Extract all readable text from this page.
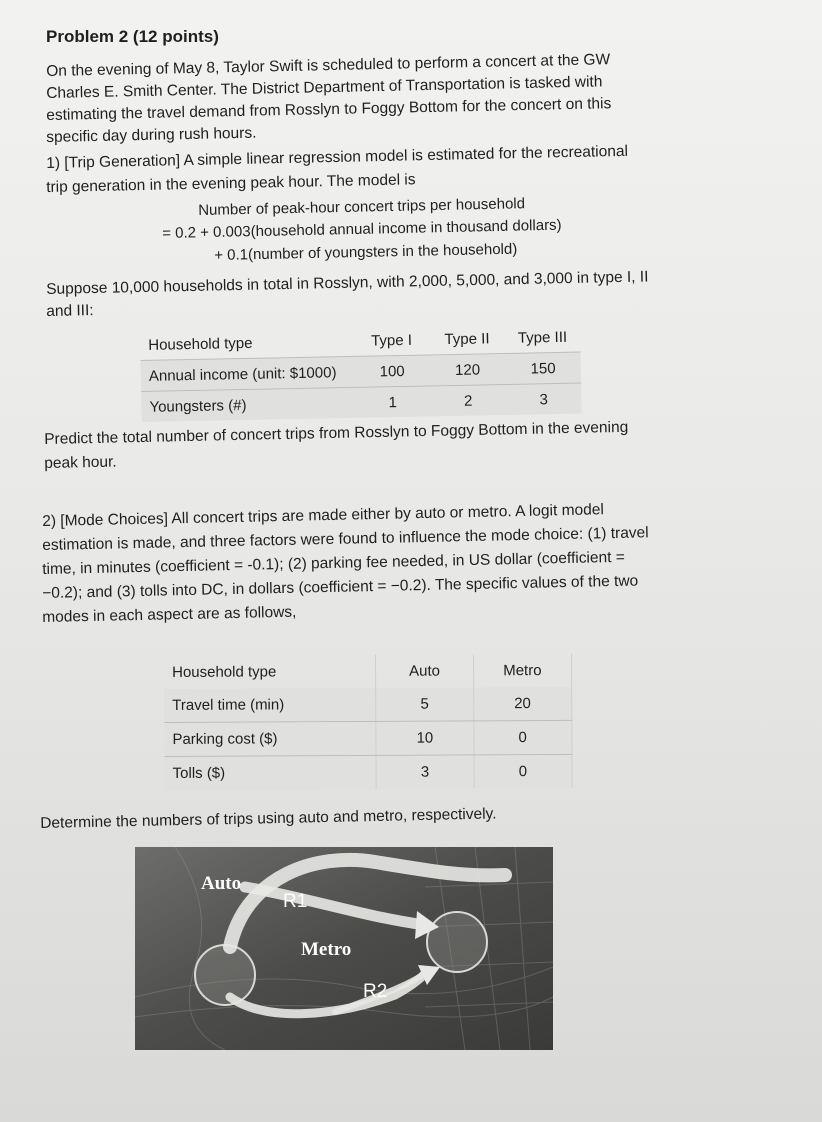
Problem 2 (12 points)
On the evening of May 8, Taylor Swift is scheduled to perform a concert at the GW
Charles E. Smith Center. The District Department of Transportation is tasked with
estimating the travel demand from Rosslyn to Foggy Bottom for the concert on this
specific day during rush hours.
1) [Trip Generation] A simple linear regression model is estimated for the recreational
trip generation in the evening peak hour. The model is
Number of peak-hour concert trips per household
= 0.2 + 0.003(household annual income in thousand dollars)
+ 0.1(number of youngsters in the household)
Suppose 10,000 households in total in Rosslyn, with 2,000, 5,000, and 3,000 in type I, II
and III:
Household type	Type I	Type II	Type III
Annual income (unit: $1000)	100	120	150
Youngsters (#)	1	2	3
Predict the total number of concert trips from Rosslyn to Foggy Bottom in the evening
peak hour.
2) [Mode Choices] All concert trips are made either by auto or metro. A logit model
estimation is made, and three factors were found to influence the mode choice: (1) travel
time, in minutes (coefficient = -0.1); (2) parking fee needed, in US dollar (coefficient =
−0.2); and (3) tolls into DC, in dollars (coefficient = −0.2). The specific values of the two
modes in each aspect are as follows,
Household type	Auto	Metro
Travel time (min)	5	20
Parking cost ($)	10	0
Tolls ($)	3	0
Determine the numbers of trips using auto and metro, respectively.
Auto
R1
Metro
R2
